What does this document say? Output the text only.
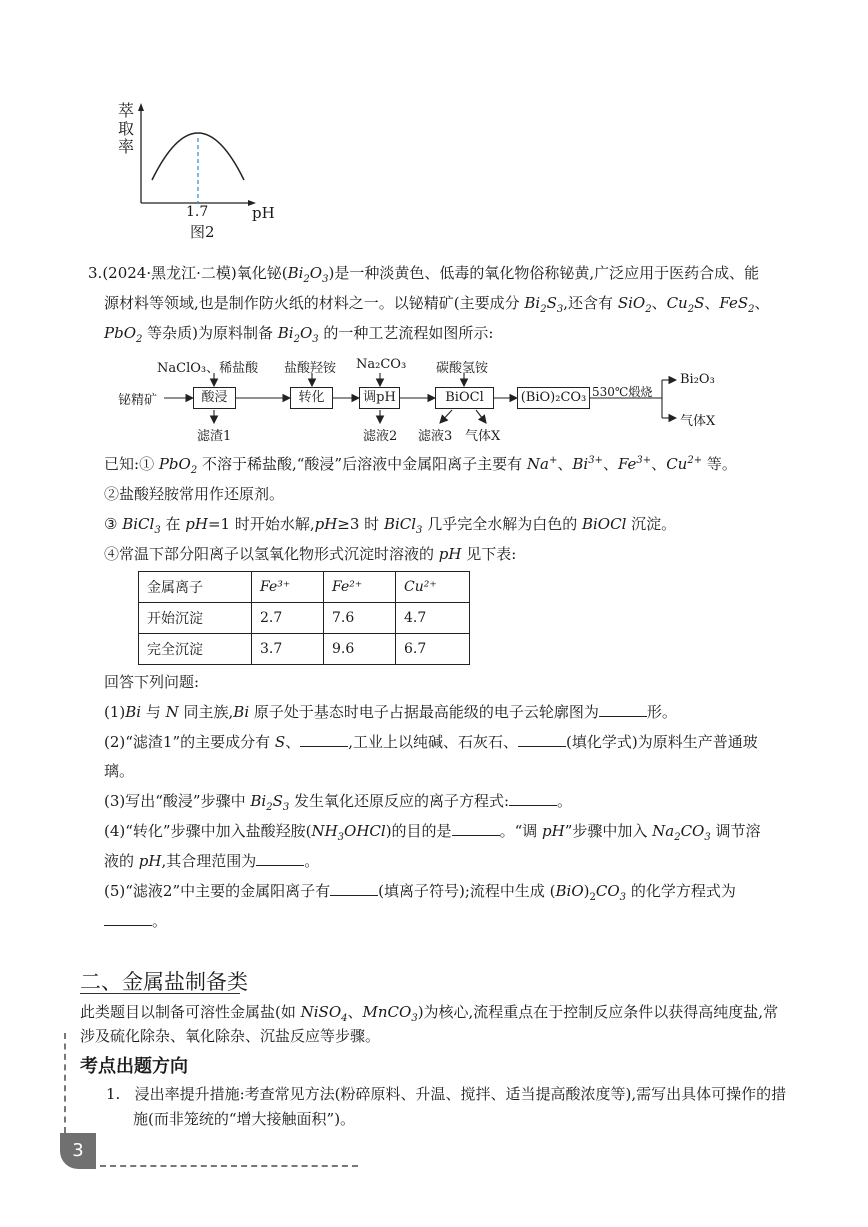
萃
取
率
1.7	pH
图2
3.(2024·黑龙江·二模)氧化铋$(Bi_2O_3)$是一种淡黄色、低毒的氧化物俗称铋黄,广泛应用于医药合成、能
源材料等领域,也是制作防火纸的材料之一。以铋精矿(主要成分 $Bi_2S_3$,还含有 SiO$_2$、$Cu_2S$、FeS$_2$、
PbO$_2$ 等杂质)为原料制备 $Bi_2O_3$ 的一种工艺流程如图所示:
铋精矿	酸浸	转化	调pH	BiOCl	(BiO)₂CO₃
NaClO₃、稀盐酸 盐酸羟铵 Na₂CO₃ 碳酸氢铵
滤渣1	滤液2 滤液3 气体X
530℃煅烧
Bi₂O₃
气体X
已知:① PbO$_2$ 不溶于稀盐酸,“酸浸”后溶液中金属阳离子主要有 Na+、$Bi^{3+}$、$Fe^{3+}$、$Cu^{2+}$ 等。
②盐酸羟胺常用作还原剂。
③ BiCl$_3$ 在 pH=1 时开始水解,pH≥3 时 BiCl$_3$ 几乎完全水解为白色的 BiOCl 沉淀。
④常温下部分阳离子以氢氧化物形式沉淀时溶液的 pH 见下表:
金属离子	Fe³⁺	Fe²⁺	Cu²⁺
开始沉淀	2.7	7.6	4.7
完全沉淀	3.7	9.6	6.7
回答下列问题:
(1)Bi 与 N 同主族,Bi 原子处于基态时电子占据最高能级的电子云轮廓图为	形。
(2)“滤渣1”的主要成分有 S、	,工业上以纯碱、石灰石、	(填化学式)为原料生产普通玻
璃。
(3)写出“酸浸”步骤中 $Bi_2S_3$ 发生氧化还原反应的离子方程式:	。
(4)“转化”步骤中加入盐酸羟胺$(NH_3OHCl)$的目的是	。“调 pH”步骤中加入 $Na_2CO_3$ 调节溶
液的 pH,其合理范围为	。
(5)“滤液2”中主要的金属阳离子有	(填离子符号);流程中生成 $(BiO)_2CO_3$ 的化学方程式为
。
二、金属盐制备类
此类题目以制备可溶性金属盐(如 NiSO$_4$、MnCO$_3$)为核心,流程重点在于控制反应条件以获得高纯度盐,常
涉及硫化除杂、氧化除杂、沉盐反应等步骤。
考点出题方向
1. 浸出率提升措施:考查常见方法(粉碎原料、升温、搅拌、适当提高酸浓度等),需写出具体可操作的措
施(而非笼统的“增大接触面积”)。
3
